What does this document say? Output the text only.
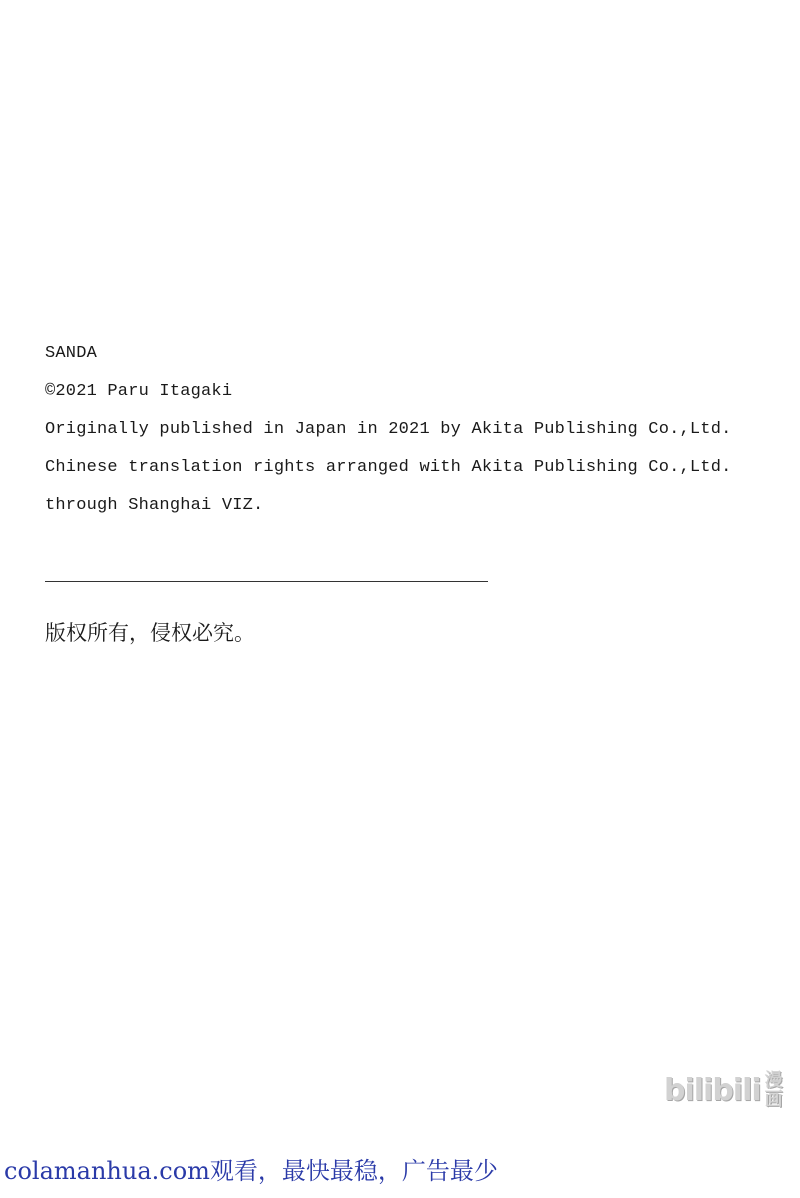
SANDA
©2021 Paru Itagaki
Originally published in Japan in 2021 by Akita Publishing Co.,Ltd.
Chinese translation rights arranged with Akita Publishing Co.,Ltd.
through Shanghai VIZ.
版权所有，侵权必究。
bilibili 漫
画
colamanhua.com观看，最快最稳，广告最少
